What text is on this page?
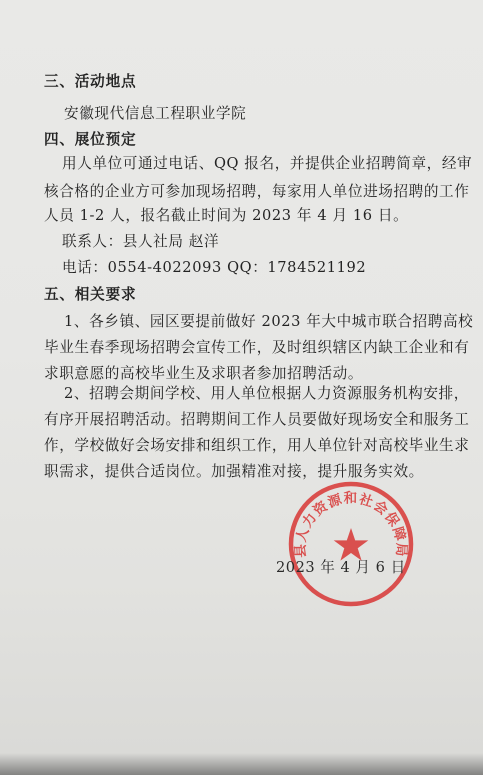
三、活动地点
安徽现代信息工程职业学院
四、展位预定
用人单位可通过电话、QQ 报名，并提供企业招聘简章，经审
核合格的企业方可参加现场招聘，每家用人单位进场招聘的工作
人员 1-2 人，报名截止时间为 2023 年 4 月 16 日。
联系人：县人社局 赵洋
电话：0554-4022093 QQ：1784521192
五、相关要求
1、各乡镇、园区要提前做好 2023 年大中城市联合招聘高校
毕业生春季现场招聘会宣传工作，及时组织辖区内缺工企业和有
求职意愿的高校毕业生及求职者参加招聘活动。
2、招聘会期间学校、用人单位根据人力资源服务机构安排，
有序开展招聘活动。招聘期间工作人员要做好现场安全和服务工
作，学校做好会场安排和组织工作，用人单位针对高校毕业生求
职需求，提供合适岗位。加强精准对接，提升服务实效。
县人力资源和社会保障局
2023 年 4 月 6 日
